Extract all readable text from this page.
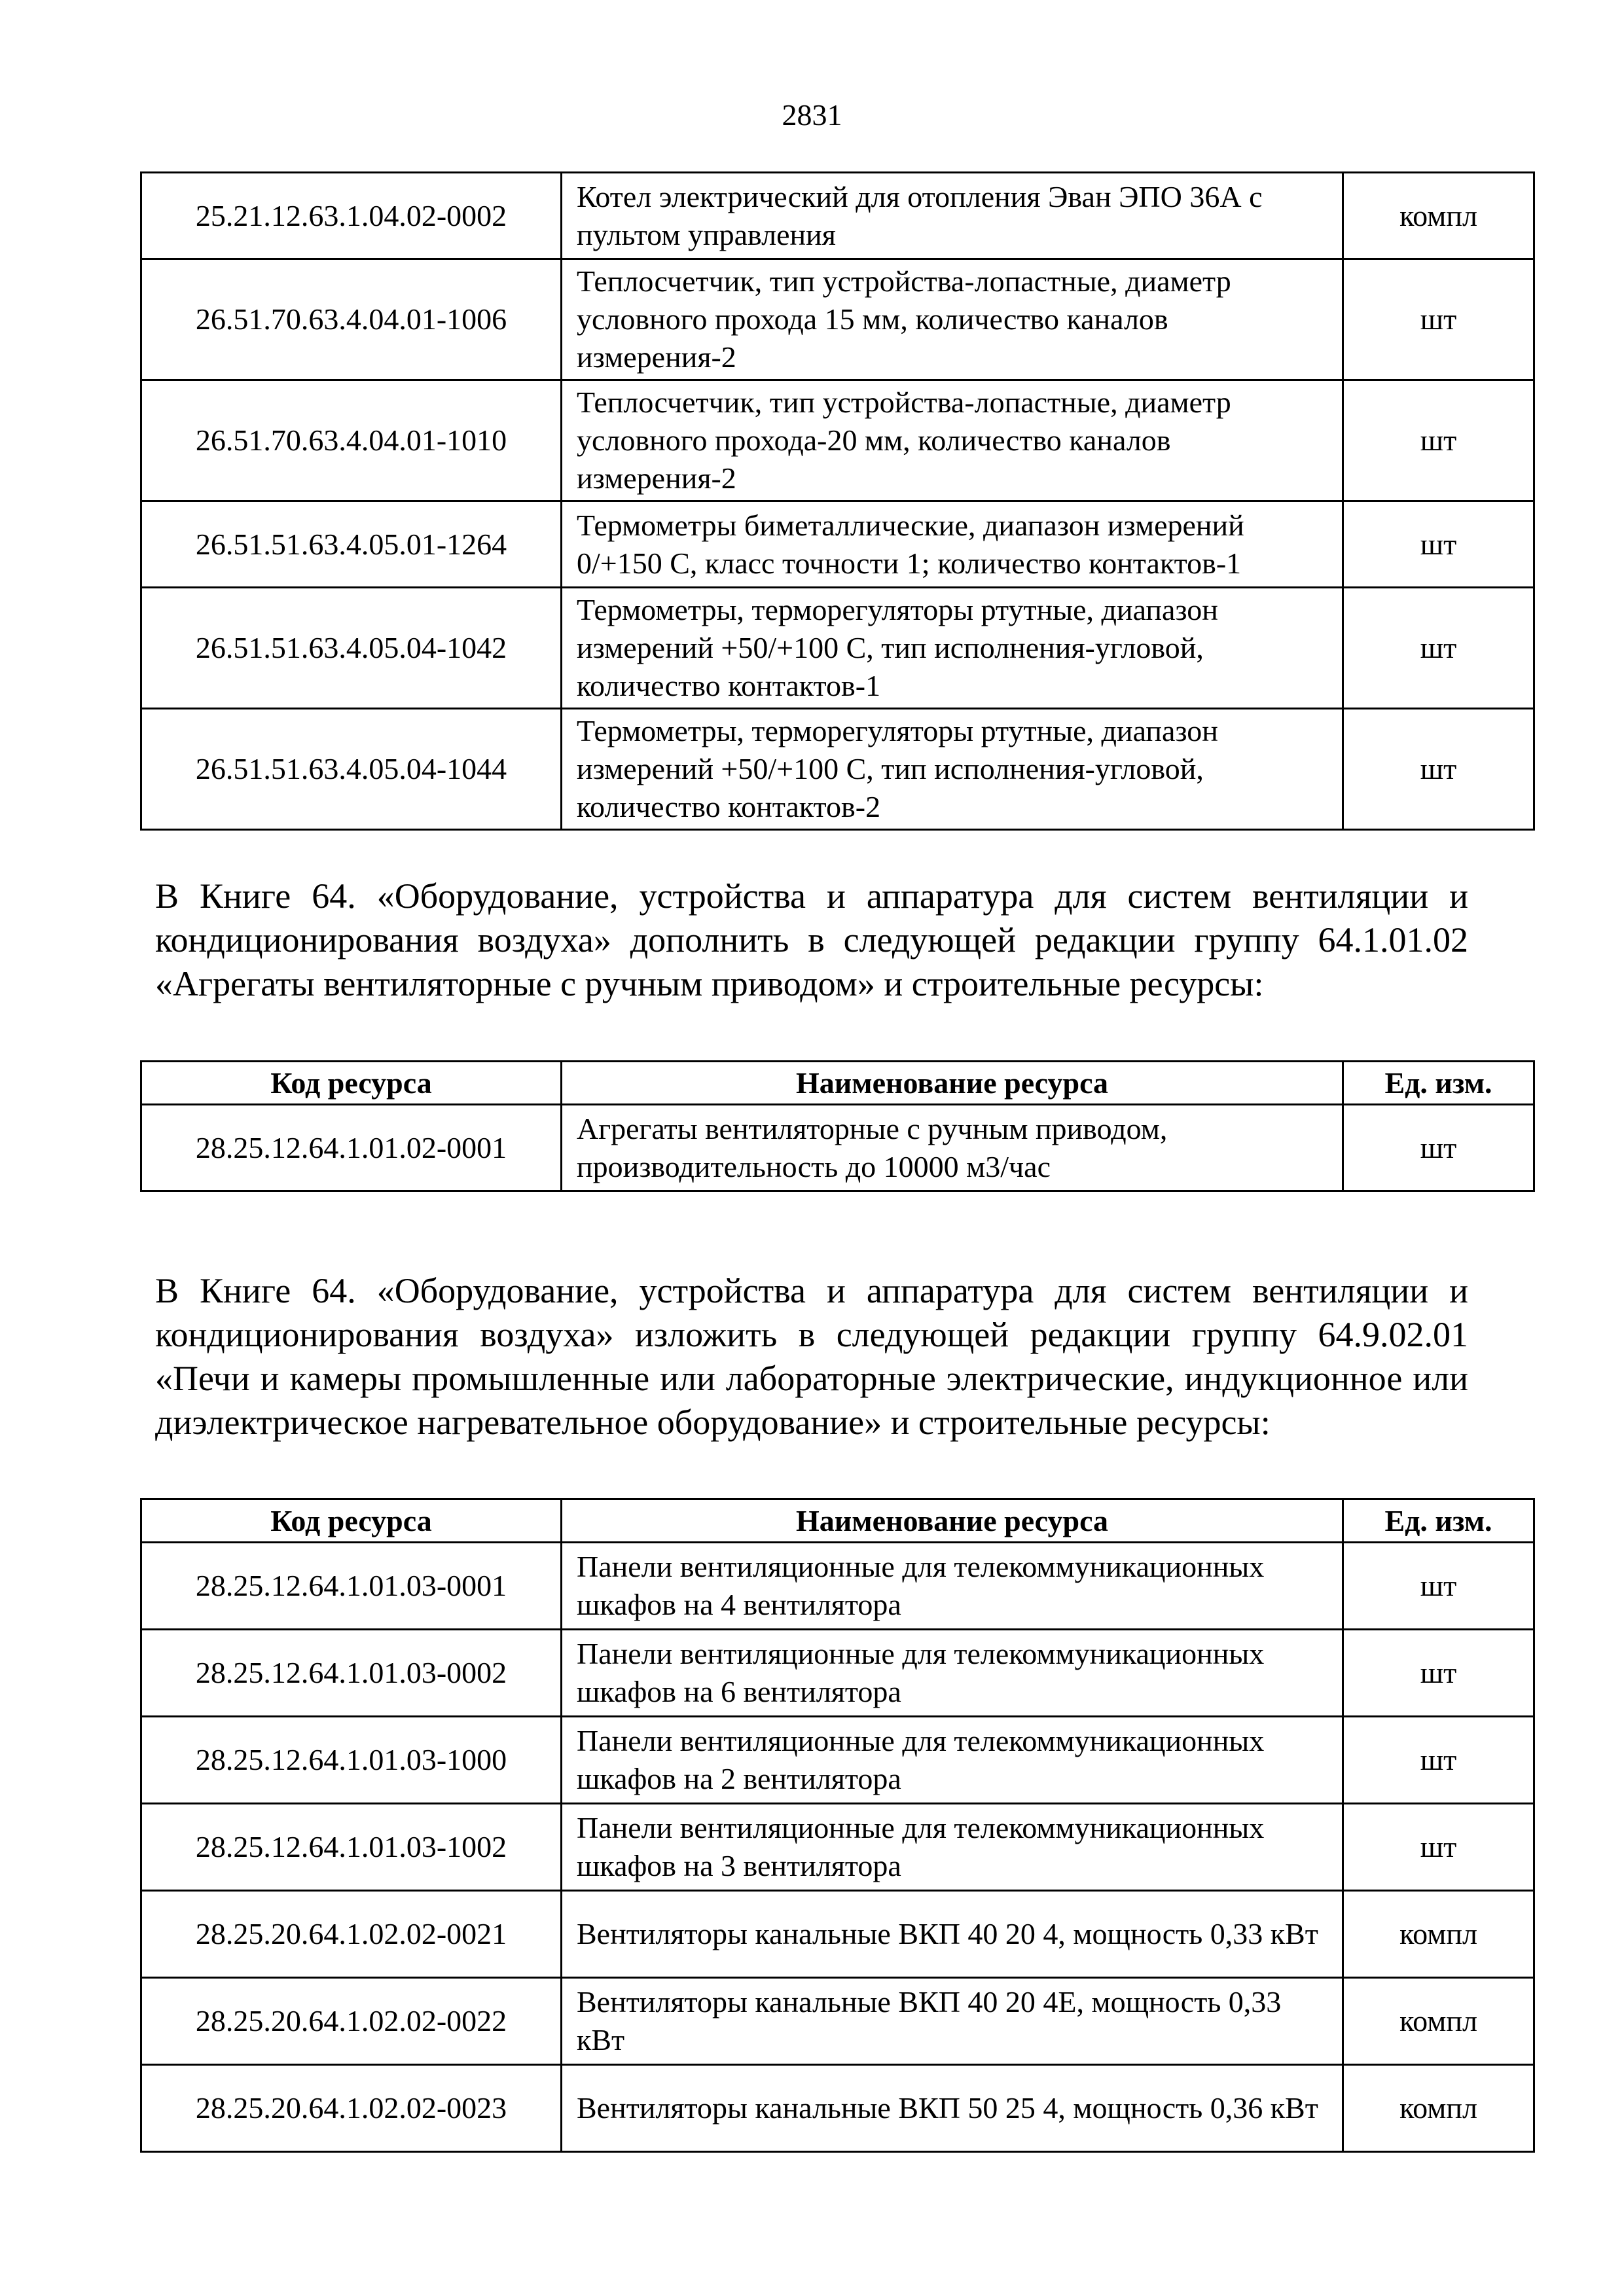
2831
25.21.12.63.1.04.02-0002	Котел электрический для отопления Эван ЭПО 36А с пультом управления	компл
26.51.70.63.4.04.01-1006	Теплосчетчик, тип устройства-лопастные, диаметр условного прохода 15 мм, количество каналов измерения-2	шт
26.51.70.63.4.04.01-1010	Теплосчетчик, тип устройства-лопастные, диаметр условного прохода-20 мм, количество каналов измерения-2	шт
26.51.51.63.4.05.01-1264	Термометры биметаллические, диапазон измерений 0/+150 С, класс точности 1; количество контактов-1	шт
26.51.51.63.4.05.04-1042	Термометры, терморегуляторы ртутные, диапазон измерений +50/+100 С, тип исполнения-угловой, количество контактов-1	шт
26.51.51.63.4.05.04-1044	Термометры, терморегуляторы ртутные, диапазон измерений +50/+100 С, тип исполнения-угловой, количество контактов-2	шт

В Книге 64. «Оборудование, устройства и аппаратура для систем вентиляции и кондиционирования воздуха» дополнить в следующей редакции группу 64.1.01.02 «Агрегаты вентиляторные с ручным приводом» и строительные ресурсы:

Код ресурса	Наименование ресурса	Ед. изм.
28.25.12.64.1.01.02-0001	Агрегаты вентиляторные с ручным приводом, производительность до 10000 м3/час	шт

В Книге 64. «Оборудование, устройства и аппаратура для систем вентиляции и кондиционирования воздуха» изложить в следующей редакции группу 64.9.02.01 «Печи и камеры промышленные или лабораторные электрические, индукционное или диэлектрическое нагревательное оборудование» и строительные ресурсы:

Код ресурса	Наименование ресурса	Ед. изм.
28.25.12.64.1.01.03-0001	Панели вентиляционные для телекоммуникационных шкафов на 4 вентилятора	шт
28.25.12.64.1.01.03-0002	Панели вентиляционные для телекоммуникационных шкафов на 6 вентилятора	шт
28.25.12.64.1.01.03-1000	Панели вентиляционные для телекоммуникационных шкафов на 2 вентилятора	шт
28.25.12.64.1.01.03-1002	Панели вентиляционные для телекоммуникационных шкафов на 3 вентилятора	шт
28.25.20.64.1.02.02-0021	Вентиляторы канальные ВКП 40 20 4, мощность 0,33 кВт	компл
28.25.20.64.1.02.02-0022	Вентиляторы канальные ВКП 40 20 4Е, мощность 0,33 кВт	компл
28.25.20.64.1.02.02-0023	Вентиляторы канальные ВКП 50 25 4, мощность 0,36 кВт	компл
